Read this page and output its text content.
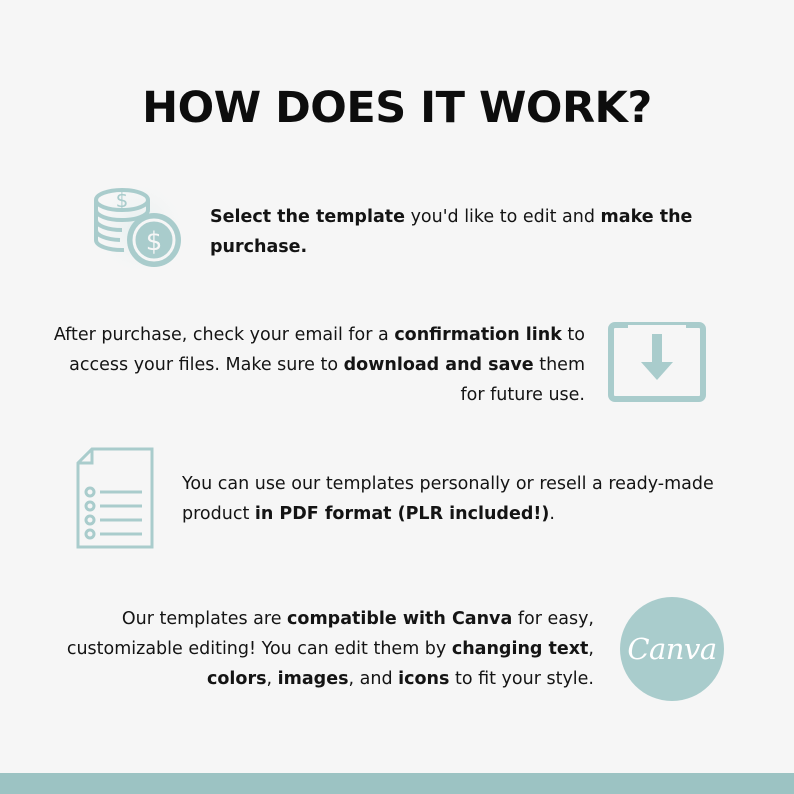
HOW DOES IT WORK?
$
$
Select the template you'd like to edit and make the purchase.
After purchase, check your email for a confirmation link to access your files. Make sure to download and save them for future use.
You can use our templates personally or resell a ready-made product in PDF format (PLR included!).
Our templates are compatible with Canva for easy, customizable editing! You can edit them by changing text, colors, images, and icons to fit your style.
Canva
